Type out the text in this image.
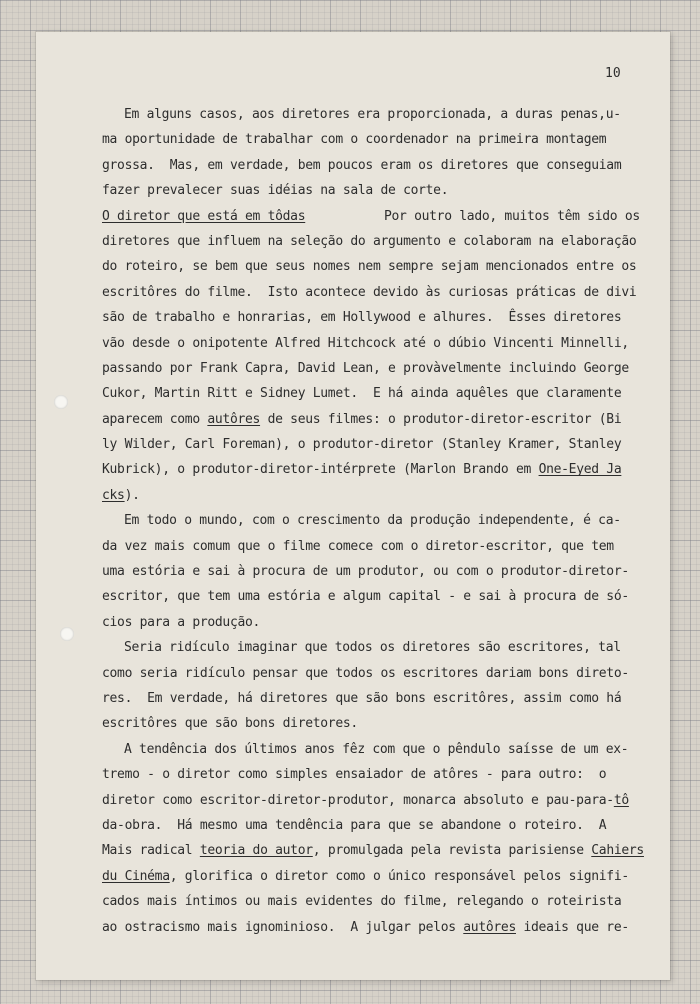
10
Em alguns casos, aos diretores era proporcionada, a duras penas,u-
ma oportunidade de trabalhar com o coordenador na primeira montagem
grossa.  Mas, em verdade, bem poucos eram os diretores que conseguiam
fazer prevalecer suas idéias na sala de corte.

O diretor que está em tôdas

	Por outro lado, muitos têm sido os

diretores que influem na seleção do argumento e colaboram na elaboração
do roteiro, se bem que seus nomes nem sempre sejam mencionados entre os
escritôres do filme.  Isto acontece devido às curiosas práticas de divi
são de trabalho e honrarias, em Hollywood e alhures.  Êsses diretores
vão desde o onipotente Alfred Hitchcock até o dúbio Vincenti Minnelli,
passando por Frank Capra, David Lean, e provàvelmente incluindo George
Cukor, Martin Ritt e Sidney Lumet.  E há ainda aquêles que claramente
aparecem como autôres de seus filmes: o produtor-diretor-escritor (Bi
ly Wilder, Carl Foreman), o produtor-diretor (Stanley Kramer, Stanley
Kubrick), o produtor-diretor-intérprete (Marlon Brando em One-Eyed Ja
cks).
Em todo o mundo, com o crescimento da produção independente, é ca-
da vez mais comum que o filme comece com o diretor-escritor, que tem
uma estória e sai à procura de um produtor, ou com o produtor-diretor-
escritor, que tem uma estória e algum capital - e sai à procura de só-
cios para a produção.
Seria ridículo imaginar que todos os diretores são escritores, tal
como seria ridículo pensar que todos os escritores dariam bons direto-
res.  Em verdade, há diretores que são bons escritôres, assim como há
escritôres que são bons diretores.
A tendência dos últimos anos fêz com que o pêndulo saísse de um ex-
tremo - o diretor como simples ensaiador de atôres - para outro:  o
diretor como escritor-diretor-produtor, monarca absoluto e pau-para-tô
da-obra.  Há mesmo uma tendência para que se abandone o roteiro.  A
Mais radical teoria do autor, promulgada pela revista parisiense Cahiers
du Cinéma, glorifica o diretor como o único responsável pelos signifi-
cados mais íntimos ou mais evidentes do filme, relegando o roteirista
ao ostracismo mais ignominioso.  A julgar pelos autôres ideais que re-
